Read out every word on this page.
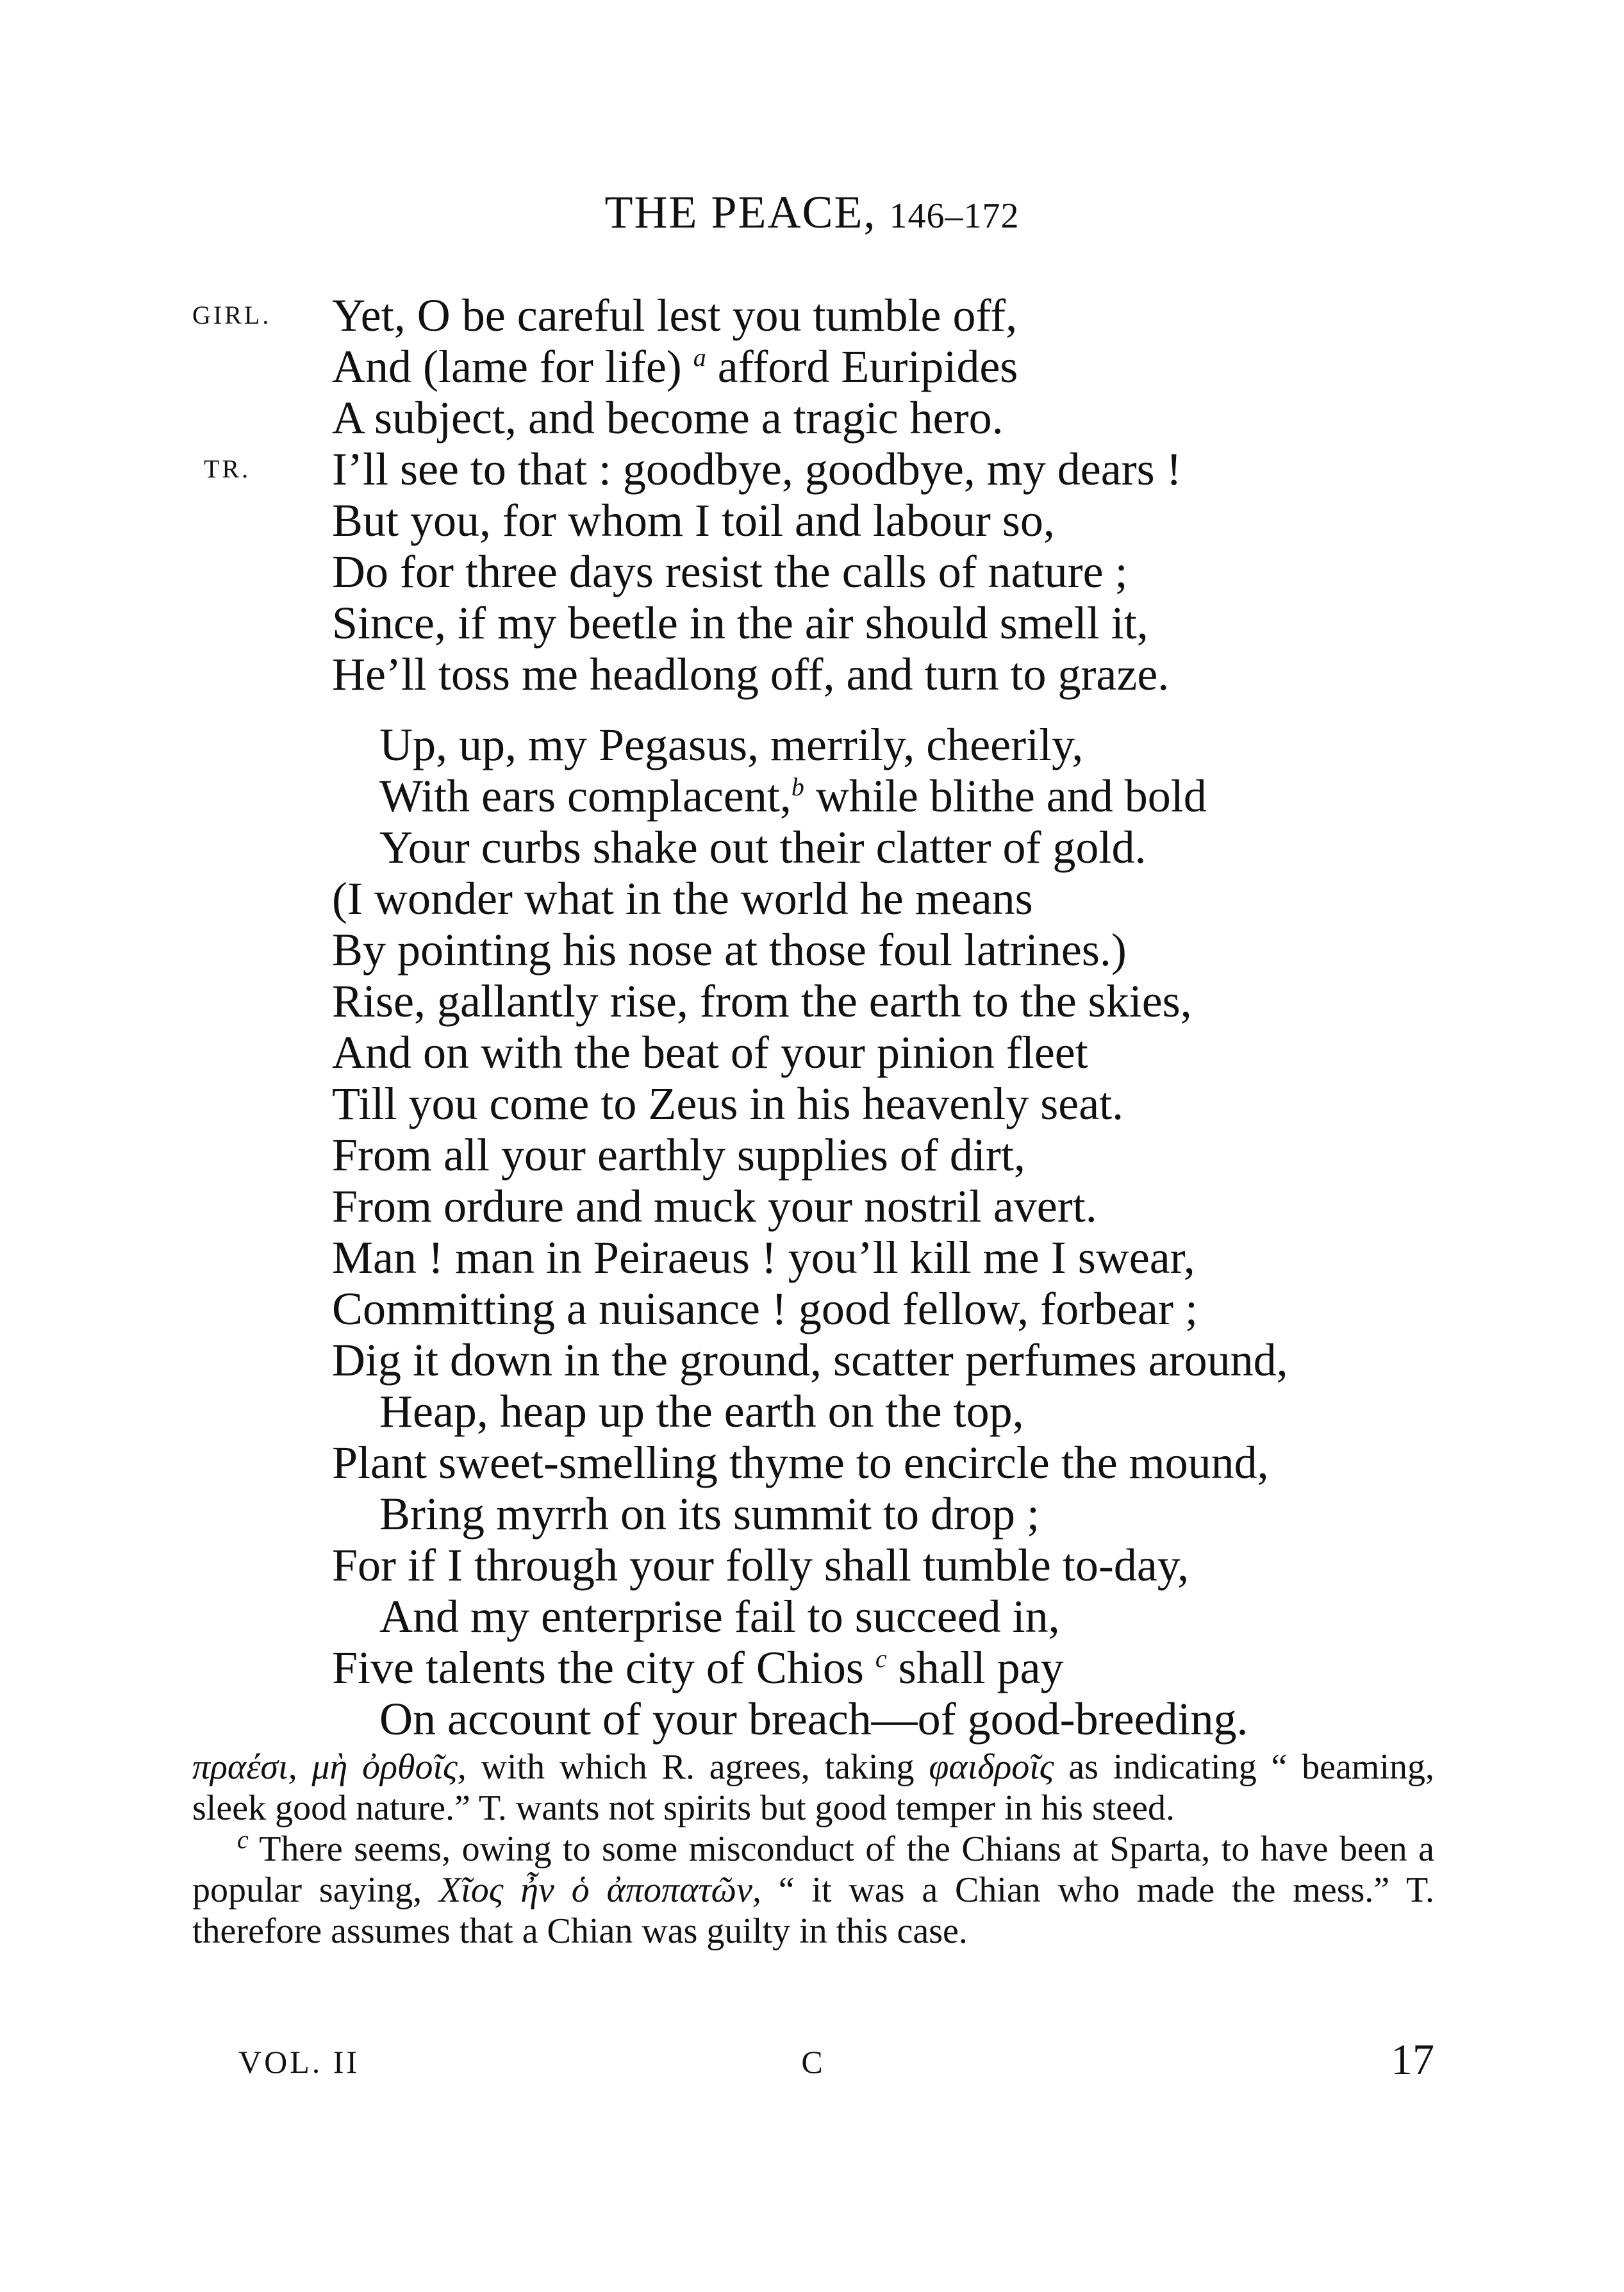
THE PEACE, 146–172
GIRL.
TR.
Yet, O be careful lest you tumble off,
And (lame for life) $^a$ afford Euripides
A subject, and become a tragic hero.
I’ll see to that : goodbye, goodbye, my dears !
But you, for whom I toil and labour so,
Do for three days resist the calls of nature ;
Since, if my beetle in the air should smell it,
He’ll toss me headlong off, and turn to graze.
Up, up, my Pegasus, merrily, cheerily,
With ears complacent,$^b$ while blithe and bold
Your curbs shake out their clatter of gold.
(I wonder what in the world he means
By pointing his nose at those foul latrines.)
Rise, gallantly rise, from the earth to the skies,
And on with the beat of your pinion fleet
Till you come to Zeus in his heavenly seat.
From all your earthly supplies of dirt,
From ordure and muck your nostril avert.
Man ! man in Peiraeus ! you’ll kill me I swear,
Committing a nuisance ! good fellow, forbear ;
Dig it down in the ground, scatter perfumes around,
Heap, heap up the earth on the top,
Plant sweet-smelling thyme to encircle the mound,
Bring myrrh on its summit to drop ;
For if I through your folly shall tumble to-day,
And my enterprise fail to succeed in,
Five talents the city of Chios $^c$ shall pay
On account of your breach—of good-breeding.

πραέσι, μὴ ὀρθοῖς, with which R. agrees, taking φαιδροῖς as indicating “ beaming, sleek good nature.” T. wants not spirits but good temper in his steed.

$^c$ There seems, owing to some misconduct of the Chians at Sparta, to have been a popular saying, Χῖος ἦν ὁ ἀποπατῶν, “ it was a Chian who made the mess.” T. therefore assumes that a Chian was guilty in this case.

VOL. II	C	17
